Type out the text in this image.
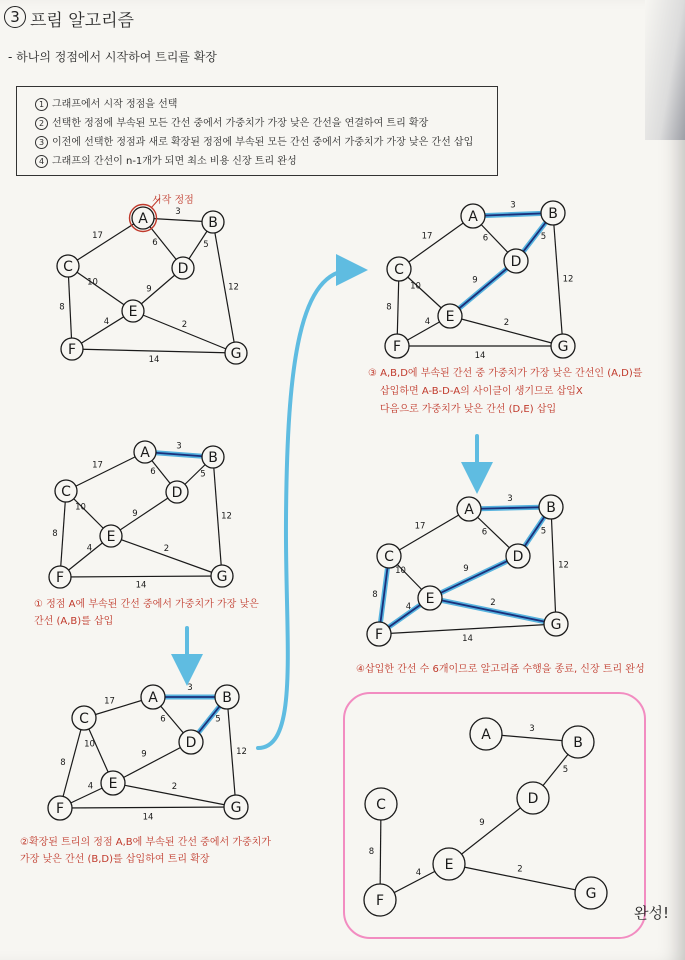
3 프림 알고리즘
- 하나의 정점에서 시작하여 트리를 확장
1 그래프에서 시작 정점을 선택
2 선택한 정점에 부속된 모든 간선 중에서 가중치가 가장 낮은 간선을 연결하여 트리 확장
3 이전에 선택한 정점과 새로 확장된 정점에 부속된 모든 간선 중에서 가중치가 가장 낮은 간선 삽입
4 그래프의 간선이 n-1개가 되면 최소 비용 신장 트리 완성
3
17
6	5
12
10
8
9
4	2
14
A	B
C	D
E
F	G
3
17
6	5
12
10
8
9
4	2
14
A	B
C	D
E
F	G
3
17
6	5
12
10
8
9
4	2
14
A	B
C
D
E
F	G
3
17	6	5
12
10
8
9
4	2
14
A	B
C	D
E
F	G
3
17
6	5
12
10
8
9
4	2
14
A	B
C	D
E
F
G
3
5
8
9
4	2
A	B
C	D
E
F	G
시작 정점
① 정점 A에 부속된 간선 중에서 가중치가 가장 낮은
간선 (A,B)를 삽입
②확장된 트리의 정점 A,B에 부속된 간선 중에서 가중치가
가장 낮은 간선 (B,D)를 삽입하여 트리 확장
③ A,B,D에 부속된 간선 중 가중치가 가장 낮은 간선인 (A,D)를
삽입하면 A-B-D-A의 사이클이 생기므로 삽입X
다음으로 가중치가 낮은 간선 (D,E) 삽입
④삽입한 간선 수 6개이므로 알고리즘 수행을 종료, 신장 트리 완성
완성!
